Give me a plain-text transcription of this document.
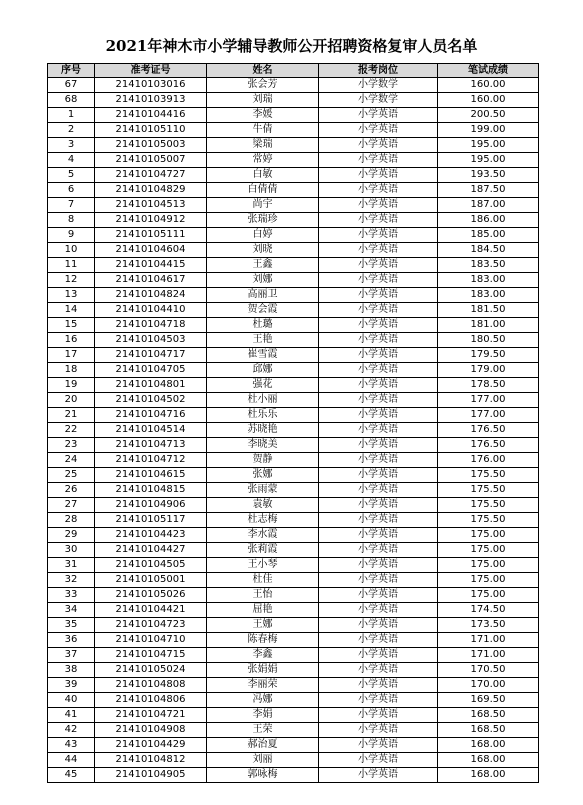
2021年神木市小学辅导教师公开招聘资格复审人员名单
序号	准考证号	姓名	报考岗位	笔试成绩
67	21410103016	张会芳	小学数学	160.00
68	21410103913	刘瑞	小学数学	160.00
1	21410104416	李媛	小学英语	200.50
2	21410105110	牛倩	小学英语	199.00
3	21410105003	梁瑞	小学英语	195.00
4	21410105007	常婷	小学英语	195.00
5	21410104727	白敏	小学英语	193.50
6	21410104829	白倩倩	小学英语	187.50
7	21410104513	尚宇	小学英语	187.00
8	21410104912	张瑞珍	小学英语	186.00
9	21410105111	白婷	小学英语	185.00
10	21410104604	刘晓	小学英语	184.50
11	21410104415	王鑫	小学英语	183.50
12	21410104617	刘娜	小学英语	183.00
13	21410104824	高丽卫	小学英语	183.00
14	21410104410	贺会霞	小学英语	181.50
15	21410104718	杜璐	小学英语	181.00
16	21410104503	王艳	小学英语	180.50
17	21410104717	崔雪霞	小学英语	179.50
18	21410104705	邱娜	小学英语	179.00
19	21410104801	强花	小学英语	178.50
20	21410104502	杜小丽	小学英语	177.00
21	21410104716	杜乐乐	小学英语	177.00
22	21410104514	苏晓艳	小学英语	176.50
23	21410104713	李晓美	小学英语	176.50
24	21410104712	贺静	小学英语	176.00
25	21410104615	张娜	小学英语	175.50
26	21410104815	张雨蒙	小学英语	175.50
27	21410104906	袁敏	小学英语	175.50
28	21410105117	杜志梅	小学英语	175.50
29	21410104423	李水霞	小学英语	175.00
30	21410104427	张莉霞	小学英语	175.00
31	21410104505	王小琴	小学英语	175.00
32	21410105001	杜佳	小学英语	175.00
33	21410105026	王怡	小学英语	175.00
34	21410104421	屈艳	小学英语	174.50
35	21410104723	王娜	小学英语	173.50
36	21410104710	陈春梅	小学英语	171.00
37	21410104715	李鑫	小学英语	171.00
38	21410105024	张娟娟	小学英语	170.50
39	21410104808	李丽荣	小学英语	170.00
40	21410104806	冯娜	小学英语	169.50
41	21410104721	李娟	小学英语	168.50
42	21410104908	王荣	小学英语	168.50
43	21410104429	郝治夏	小学英语	168.00
44	21410104812	刘丽	小学英语	168.00
45	21410104905	郭咏梅	小学英语	168.00
